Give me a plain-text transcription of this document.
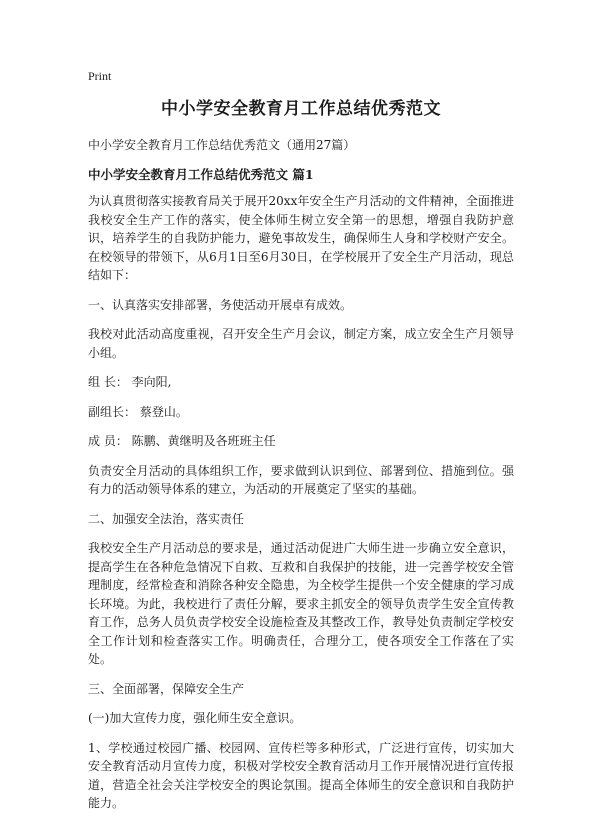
Print
中小学安全教育月工作总结优秀范文
中小学安全教育月工作总结优秀范文（通用27篇）
中小学安全教育月工作总结优秀范文 篇1

为认真贯彻落实接教育局关于展开20xx年安全生产月活动的文件精神，全面推进我校安全生产工作的落实，使全体师生树立安全第一的思想，增强自我防护意识，培养学生的自我防护能力，避免事故发生，确保师生人身和学校财产安全。在校领导的带领下，从6月1日至6月30日，在学校展开了安全生产月活动，现总结如下：

一、认真落实安排部署，务使活动开展卓有成效。

我校对此活动高度重视，召开安全生产月会议，制定方案，成立安全生产月领导小组。

组 长： 李向阳,

副组长： 蔡登山。

成 员： 陈鹏、黄继明及各班班主任

负责安全月活动的具体组织工作，要求做到认识到位、部署到位、措施到位。强有力的活动领导体系的建立，为活动的开展奠定了坚实的基础。

二、加强安全法治，落实责任

我校安全生产月活动总的要求是，通过活动促进广大师生进一步确立安全意识，提高学生在各种危急情况下自救、互救和自我保护的技能，进一完善学校安全管理制度，经常检查和消除各种安全隐患，为全校学生提供一个安全健康的学习成长环境。为此，我校进行了责任分解，要求主抓安全的领导负责学生安全宣传教育工作，总务人员负责学校安全设施检查及其整改工作，教导处负责制定学校安全工作计划和检查落实工作。明确责任，合理分工，使各项安全工作落在了实处。

三、全面部署，保障安全生产

(一)加大宣传力度，强化师生安全意识。

1、学校通过校园广播、校园网、宣传栏等多种形式，广泛进行宣传，切实加大安全教育活动月宣传力度，积极对学校安全教育活动月工作开展情况进行宣传报道，营造全社会关注学校安全的舆论氛围。提高全体师生的安全意识和自我防护能力。
